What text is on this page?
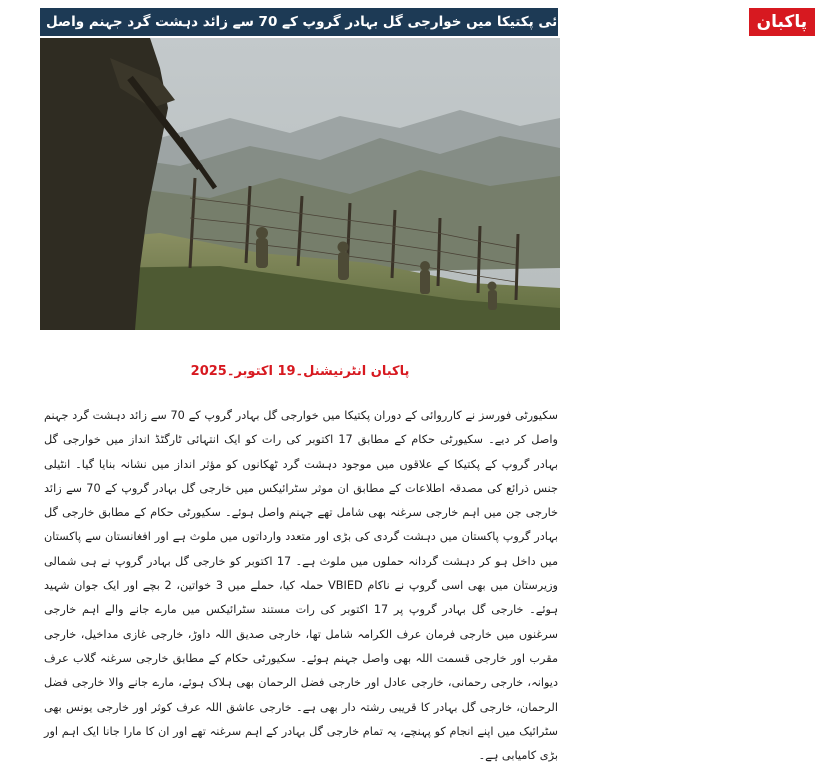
سکیورٹی فورسز کی کارروائی پکتیکا میں خوارجی گل بہادر گروپ کے 70 سے زائد دہشت گرد جہنم واصل پاکبان
پاکبان انٹرنیشنل۔19 اکتوبر۔2025
سکیورٹی فورسز نے کارروائی کے دوران پکتیکا میں خوارجی گل بہادر گروپ کے 70 سے زائد دہشت گرد جہنم واصل کر دیے۔ سکیورٹی حکام کے مطابق 17 اکتوبر کی رات کو ایک انتہائی ٹارگٹڈ انداز میں خوارجی گل بہادر گروپ کے پکتیکا کے علاقوں میں موجود دہشت گرد ٹھکانوں کو مؤثر انداز میں نشانہ بنایا گیا۔ انٹیلی جنس ذرائع کی مصدقہ اطلاعات کے مطابق ان موثر سٹرائیکس میں خارجی گل بہادر گروپ کے 70 سے زائد خارجی جن میں اہم خارجی سرغنہ بھی شامل تھے جہنم واصل ہوئے۔ سکیورٹی حکام کے مطابق خارجی گل بہادر گروپ پاکستان میں دہشت گردی کی بڑی اور متعدد وارداتوں میں ملوث ہے اور افغانستان سے پاکستان میں داخل ہو کر دہشت گردانہ حملوں میں ملوث ہے۔ 17 اکتوبر کو خارجی گل بہادر گروپ نے ہی شمالی وزیرستان میں بھی اسی گروپ نے ناکام VBIED حملہ کیا، حملے میں 3 خواتین، 2 بچے اور ایک جوان شہید ہوئے۔ خارجی گل بہادر گروپ پر 17 اکتوبر کی رات مستند سٹرائیکس میں مارے جانے والے اہم خارجی سرغنوں میں خارجی فرمان عرف الکرامہ شامل تھا، خارجی صدیق اللہ داوڑ، خارجی غازی مداخیل، خارجی مقرب اور خارجی قسمت اللہ بھی واصل جہنم ہوئے۔ سکیورٹی حکام کے مطابق خارجی سرغنہ گلاب عرف دیوانہ، خارجی رحمانی، خارجی عادل اور خارجی فضل الرحمان بھی ہلاک ہوئے، مارے جانے والا خارجی فضل الرحمان، خارجی گل بہادر کا قریبی رشتہ دار بھی ہے۔ خارجی عاشق اللہ عرف کوثر اور خارجی یونس بھی سٹرائیک میں اپنے انجام کو پہنچے، یہ تمام خارجی گل بہادر کے اہم سرغنہ تھے اور ان کا مارا جانا ایک اہم اور بڑی کامیابی ہے۔
